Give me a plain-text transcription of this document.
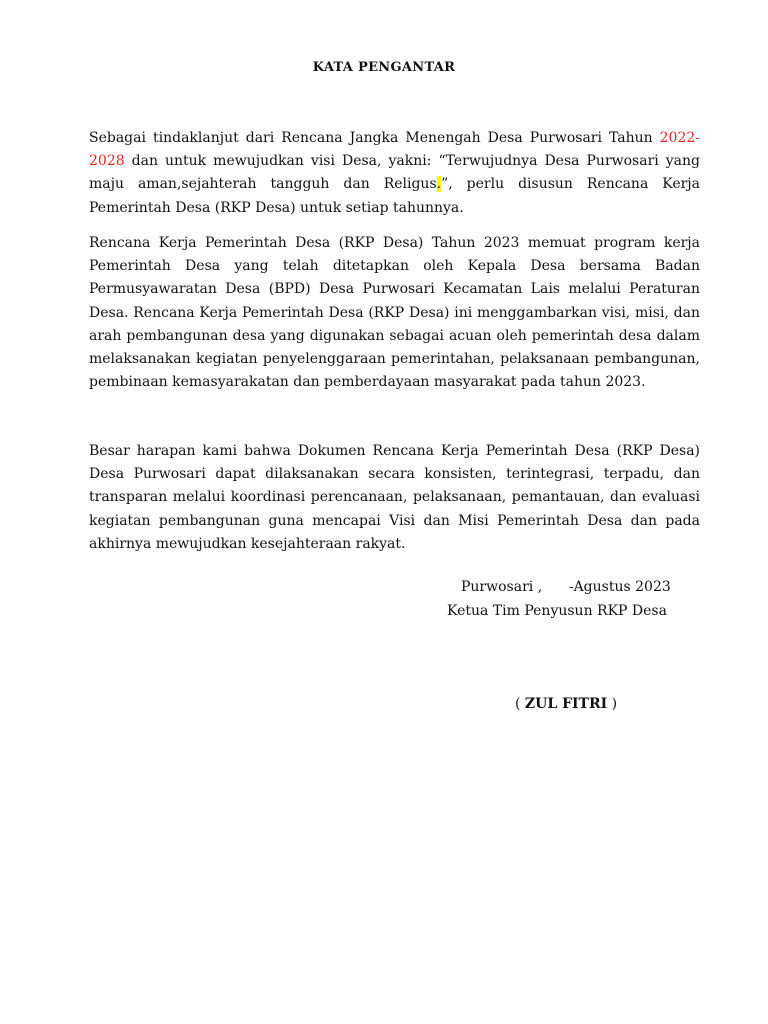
KATA PENGANTAR

Sebagai tindaklanjut dari Rencana Jangka Menengah Desa Purwosari Tahun 2022-2028 dan untuk mewujudkan visi Desa, yakni: “Terwujudnya Desa Purwosari yang maju aman,sejahterah tangguh dan Religus.”, perlu disusun Rencana Kerja Pemerintah Desa (RKP Desa) untuk setiap tahunnya.

Rencana Kerja Pemerintah Desa (RKP Desa) Tahun 2023 memuat program kerja Pemerintah Desa yang telah ditetapkan oleh Kepala Desa bersama Badan Permusyawaratan Desa (BPD) Desa Purwosari Kecamatan Lais melalui Peraturan Desa. Rencana Kerja Pemerintah Desa (RKP Desa) ini menggambarkan visi, misi, dan arah pembangunan desa yang digunakan sebagai acuan oleh pemerintah desa dalam melaksanakan kegiatan penyelenggaraan pemerintahan, pelaksanaan pembangunan, pembinaan kemasyarakatan dan pemberdayaan masyarakat pada tahun 2023.

Besar harapan kami bahwa Dokumen Rencana Kerja Pemerintah Desa (RKP Desa) Desa Purwosari dapat dilaksanakan secara konsisten, terintegrasi, terpadu, dan transparan melalui koordinasi perencanaan, pelaksanaan, pemantauan, dan evaluasi kegiatan pembangunan guna mencapai Visi dan Misi Pemerintah Desa dan pada akhirnya mewujudkan kesejahteraan rakyat.

Purwosari ,      -Agustus 2023
Ketua Tim Penyusun RKP Desa
( ZUL FITRI )
